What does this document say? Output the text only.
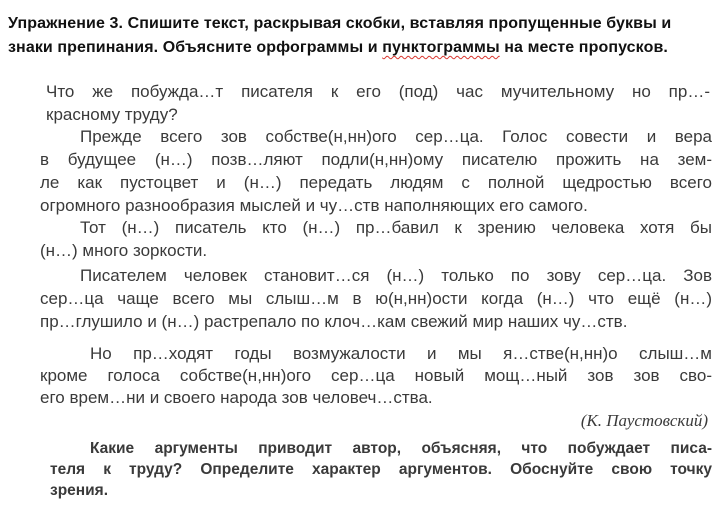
Упражнение 3. Спишите текст, раскрывая скобки, вставляя пропущенные буквы и
знаки препинания. Объясните орфограммы и пунктограммы на месте пропусков.
Что же побужда…т писателя к его (под) час мучительному но пр…-
красному труду?
Прежде всего зов собстве(н,нн)ого сер…ца. Голос совести и вера
в будущее (н…) позв…ляют подли(н,нн)ому писателю прожить на зем-
ле как пустоцвет и (н…) передать людям с полной щедростью всего
огромного разнообразия мыслей и чу…ств наполняющих его самого.
Тот (н…) писатель кто (н…) пр…бавил к зрению человека хотя бы
(н…) много зоркости.
Писателем человек становит…ся (н…) только по зову сер…ца. Зов
сер…ца чаще всего мы слыш…м в ю(н,нн)ости когда (н…) что ещё (н…)
пр…глушило и (н…) растрепало по клоч…кам свежий мир наших чу…ств.
Но пр…ходят годы возмужалости и мы я…стве(н,нн)о слыш…м
кроме голоса собстве(н,нн)ого сер…ца новый мощ…ный зов зов сво-
его врем…ни и своего народа зов человеч…ства.
(К. Паустовский)
Какие аргументы приводит автор, объясняя, что побуждает писа-
теля к труду? Определите характер аргументов. Обоснуйте свою точку
зрения.
